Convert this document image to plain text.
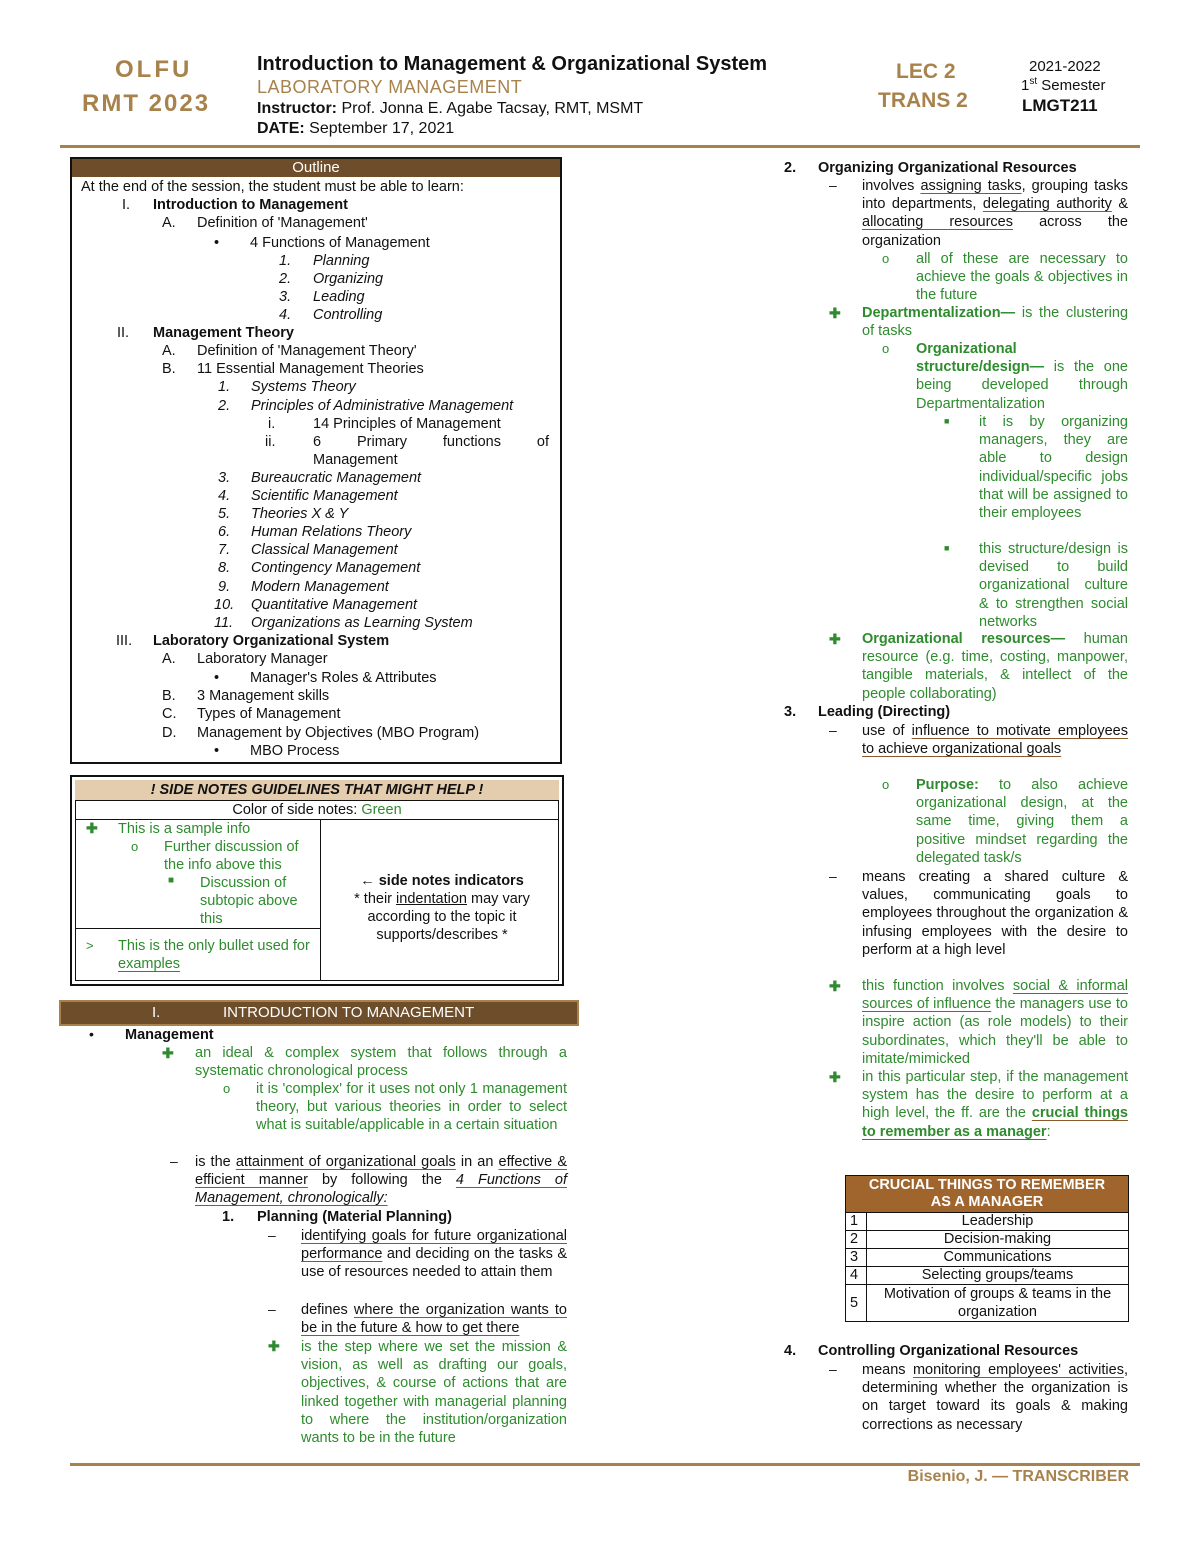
OLFU
RMT 2023
Introduction to Management & Organizational System
LABORATORY MANAGEMENT
Instructor: Prof. Jonna E. Agabe Tacsay, RMT, MSMT
DATE: September 17, 2021
LEC 2
TRANS 2
2021-2022
1st Semester
LMGT211
Outline
At the end of the session, the student must be able to learn:
I. Introduction to Management
A. Definition of 'Management'
• 4 Functions of Management
1. Planning
2. Organizing
3. Leading
4. Controlling
II. Management Theory
A. Definition of 'Management Theory'
B. 11 Essential Management Theories
1. Systems Theory
2. Principles of Administrative Management
i.	14 Principles of Management
ii.	6 Primary functions of Management
3. Bureaucratic Management
4. Scientific Management
5. Theories X & Y
6. Human Relations Theory
7. Classical Management
8. Contingency Management
9. Modern Management
10. Quantitative Management
11. Organizations as Learning System
III. Laboratory Organizational System
A. Laboratory Manager
• Manager's Roles & Attributes
B. 3 Management skills
C. Types of Management
D. Management by Objectives (MBO Program)
• MBO Process
! SIDE NOTES GUIDELINES THAT MIGHT HELP !
Color of side notes: Green
✚ This is a sample info
o Further discussion of the info above this
■ Discussion of subtopic above this
> This is the only bullet used for examples
← side notes indicators
* their indentation may vary according to the topic it supports/describes *
I.	INTRODUCTION TO MANAGEMENT
• Management
✚ an ideal & complex system that follows through a systematic chronological process
o it is 'complex' for it uses not only 1 management theory, but various theories in order to select what is suitable/applicable in a certain situation
– is the attainment of organizational goals in an effective & efficient manner by following the 4 Functions of Management, chronologically:
1. Planning (Material Planning)
– identifying goals for future organizational performance and deciding on the tasks & use of resources needed to attain them
– defines where the organization wants to be in the future & how to get there
✚ is the step where we set the mission & vision, as well as drafting our goals, objectives, & course of actions that are linked together with managerial planning to where the institution/organization wants to be in the future
2. Organizing Organizational Resources
– involves assigning tasks, grouping tasks into departments, delegating authority & allocating resources across the organization
o all of these are necessary to achieve the goals & objectives in the future
✚ Departmentalization— is the clustering of tasks
o Organizational structure/design— is the one being developed through Departmentalization
■ it is by organizing managers, they are able to design individual/specific jobs that will be assigned to their employees
■ this structure/design is devised to build organizational culture & to strengthen social networks
✚ Organizational resources— human resource (e.g. time, costing, manpower, tangible materials, & intellect of the people collaborating)
3. Leading (Directing)
– use of influence to motivate employees to achieve organizational goals
o Purpose: to also achieve organizational design, at the same time, giving them a positive mindset regarding the delegated task/s
– means creating a shared culture & values, communicating goals to employees throughout the organization & infusing employees with the desire to perform at a high level
✚ this function involves social & informal sources of influence the managers use to inspire action (as role models) to their subordinates, which they'll be able to imitate/mimicked
✚ in this particular step, if the management system has the desire to perform at a high level, the ff. are the crucial things to remember as a manager:
CRUCIAL THINGS TO REMEMBER
AS A MANAGER	
1	Leadership
2	Decision-making
3	Communications
4	Selecting groups/teams
5	Motivation of groups & teams in the organization
4. Controlling Organizational Resources
– means monitoring employees' activities, determining whether the organization is on target toward its goals & making corrections as necessary
Bisenio, J. — TRANSCRIBER
